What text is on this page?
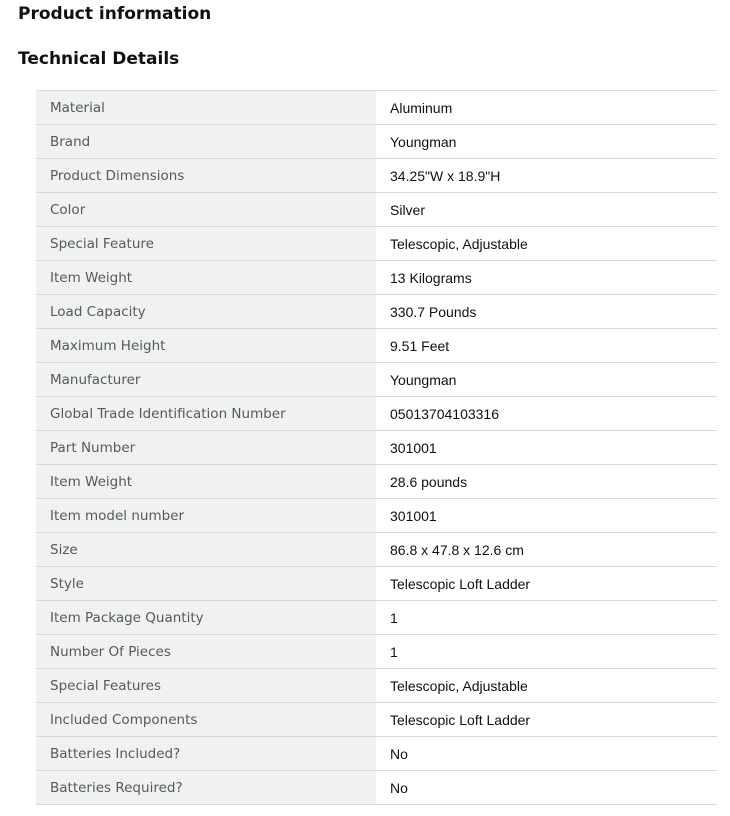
Product information
Technical Details
Material	Aluminum
Brand	Youngman
Product Dimensions	34.25"W x 18.9"H
Color	Silver
Special Feature	Telescopic, Adjustable
Item Weight	13 Kilograms
Load Capacity	330.7 Pounds
Maximum Height	9.51 Feet
Manufacturer	Youngman
Global Trade Identification Number	05013704103316
Part Number	301001
Item Weight	28.6 pounds
Item model number	301001
Size	86.8 x 47.8 x 12.6 cm
Style	Telescopic Loft Ladder
Item Package Quantity	1
Number Of Pieces	1
Special Features	Telescopic, Adjustable
Included Components	Telescopic Loft Ladder
Batteries Included?	No
Batteries Required?	No
